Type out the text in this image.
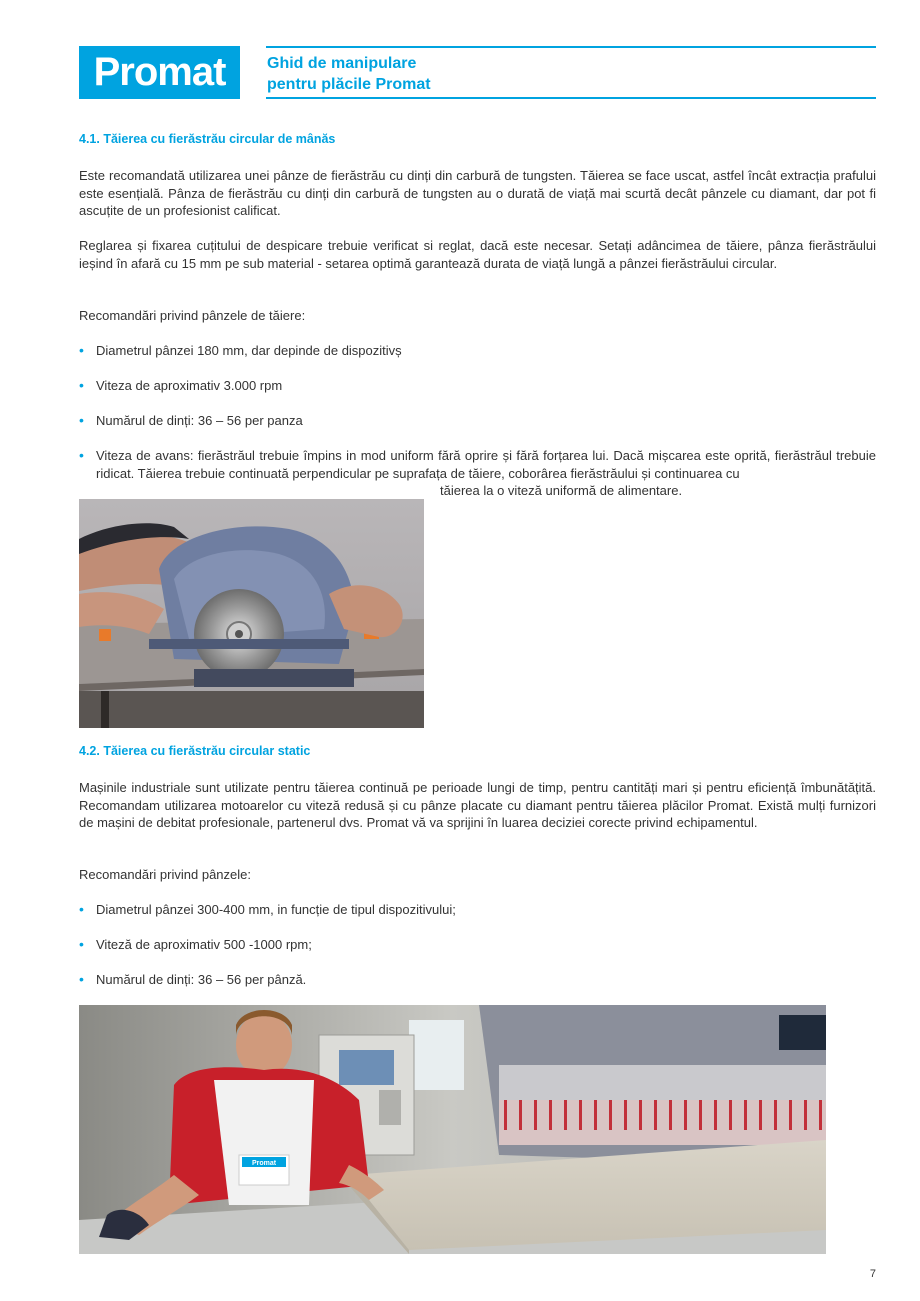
Promat	Ghid de manipulare
pentru plăcile Promat
4.1. Tăierea cu fierăstrău circular de mânăs

Este recomandată utilizarea unei pânze de fierăstrău cu dinți din carbură de tungsten. Tăierea se face uscat, astfel încât extracția prafului este esențială. Pânza de fierăstrău cu dinți din carbură de tungsten au o durată de viață mai scurtă decât pânzele cu diamant, dar pot fi ascuțite de un profesionist calificat.

Reglarea și fixarea cuțitului de despicare trebuie verificat si reglat, dacă este necesar. Setați adâncimea de tăiere, pânza fierăstrăului ieșind în afară cu 15 mm pe sub material - setarea optimă garantează durata de viață lungă a pânzei fierăstrăului circular.

Recomandări privind pânzele de tăiere:

• Diametrul pânzei 180 mm, dar depinde de dispozitivș
• Viteza de aproximativ 3.000 rpm
• Numărul de dinți: 36 – 56 per panza
• Viteza de avans: fierăstrăul trebuie împins in mod uniform fără oprire și fără forțarea lui. Dacă mișcarea este oprită, fierăstrăul trebuie ridicat. Tăierea trebuie continuată perpendicular pe suprafața de tăiere, coborârea fierăstrăului și continuarea cu
tăierea la o viteză uniformă de alimentare.
4.2. Tăierea cu fierăstrău circular static

Mașinile industriale sunt utilizate pentru tăierea continuă pe perioade lungi de timp, pentru cantități mari și pentru eficiență îmbunătățită. Recomandam utilizarea motoarelor cu viteză redusă și cu pânze placate cu diamant pentru tăierea plăcilor Promat. Există mulți furnizori de mașini de debitat profesionale, partenerul dvs. Promat vă va sprijini în luarea deciziei corecte privind echipamentul.

Recomandări privind pânzele:

• Diametrul pânzei 300-400 mm, in funcție de tipul dispozitivului;
• Viteză de aproximativ 500 -1000 rpm;
• Numărul de dinți: 36 – 56 per pânză.
Promat
7
